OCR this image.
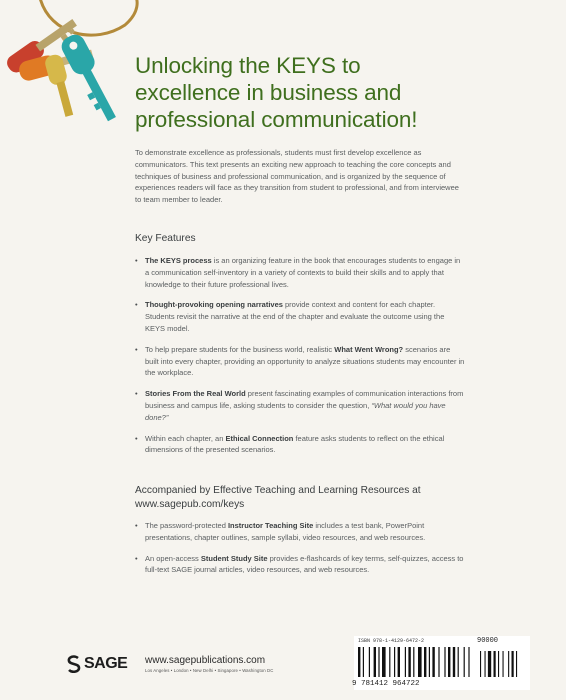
Unlocking the KEYS to
excellence in business and
professional communication!

To demonstrate excellence as professionals, students must first develop excellence as communicators. This text presents an exciting new approach to teaching the core concepts and techniques of business and professional communication, and is organized by the sequence of experiences readers will face as they transition from student to professional, and from interviewee to team member to leader.

Key Features
• The KEYS process is an organizing feature in the book that encourages students to engage in a communication self-inventory in a variety of contexts to build their skills and to apply that knowledge to their future professional lives.
• Thought-provoking opening narratives provide context and content for each chapter. Students revisit the narrative at the end of the chapter and evaluate the outcome using the KEYS model.
• To help prepare students for the business world, realistic What Went Wrong? scenarios are built into every chapter, providing an opportunity to analyze situations students may encounter in the workplace.
• Stories From the Real World present fascinating examples of communication interactions from business and campus life, asking students to consider the question, “What would you have done?”
• Within each chapter, an Ethical Connection feature asks students to reflect on the ethical dimensions of the presented scenarios.
Accompanied by Effective Teaching and Learning Resources at
www.sagepub.com/keys
• The password-protected Instructor Teaching Site includes a test bank, PowerPoint presentations, chapter outlines, sample syllabi, video resources, and web resources.
• An open-access Student Study Site provides e-flashcards of key terms, self-quizzes, access to full-text SAGE journal articles, video resources, and web resources.
SAGE www.sagepublications.com
Los Angeles • London • New Delhi • Singapore • Washington DC
ISBN 978-1-4129-6472-2	90000
9 781412 964722
